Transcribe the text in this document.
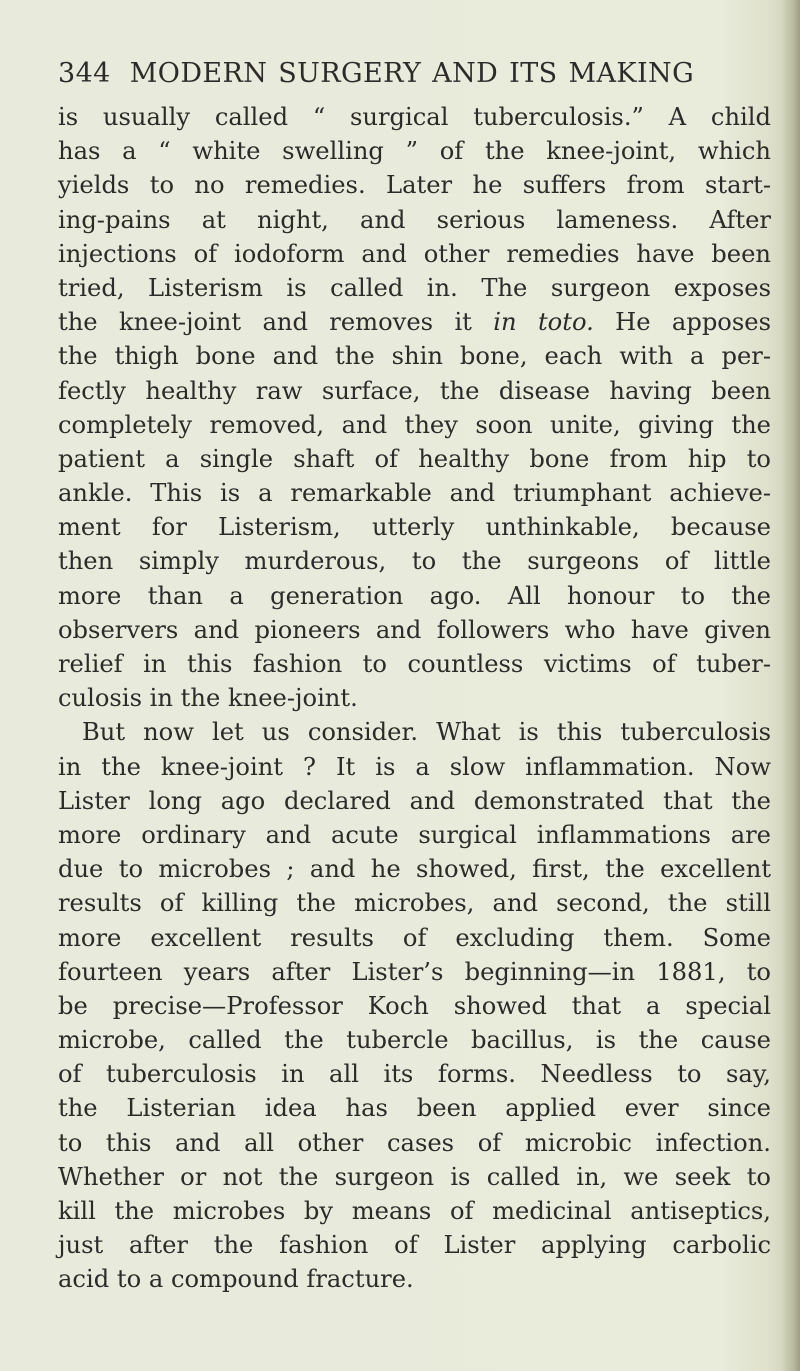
344 MODERN SURGERY AND ITS MAKING
is usually called “ surgical tuberculosis.” A child
has a “ white swelling ” of the knee-joint, which
yields to no remedies. Later he suffers from start-
ing-pains at night, and serious lameness. After
injections of iodoform and other remedies have been
tried, Listerism is called in. The surgeon exposes
the knee-joint and removes it in toto. He apposes
the thigh bone and the shin bone, each with a per-
fectly healthy raw surface, the disease having been
completely removed, and they soon unite, giving the
patient a single shaft of healthy bone from hip to
ankle. This is a remarkable and triumphant achieve-
ment for Listerism, utterly unthinkable, because
then simply murderous, to the surgeons of little
more than a generation ago. All honour to the
observers and pioneers and followers who have given
relief in this fashion to countless victims of tuber-
culosis in the knee-joint.
But now let us consider. What is this tuberculosis
in the knee-joint ? It is a slow inflammation. Now
Lister long ago declared and demonstrated that the
more ordinary and acute surgical inflammations are
due to microbes ; and he showed, first, the excellent
results of killing the microbes, and second, the still
more excellent results of excluding them. Some
fourteen years after Lister’s beginning—in 1881, to
be precise—Professor Koch showed that a special
microbe, called the tubercle bacillus, is the cause
of tuberculosis in all its forms. Needless to say,
the Listerian idea has been applied ever since
to this and all other cases of microbic infection.
Whether or not the surgeon is called in, we seek to
kill the microbes by means of medicinal antiseptics,
just after the fashion of Lister applying carbolic
acid to a compound fracture.
